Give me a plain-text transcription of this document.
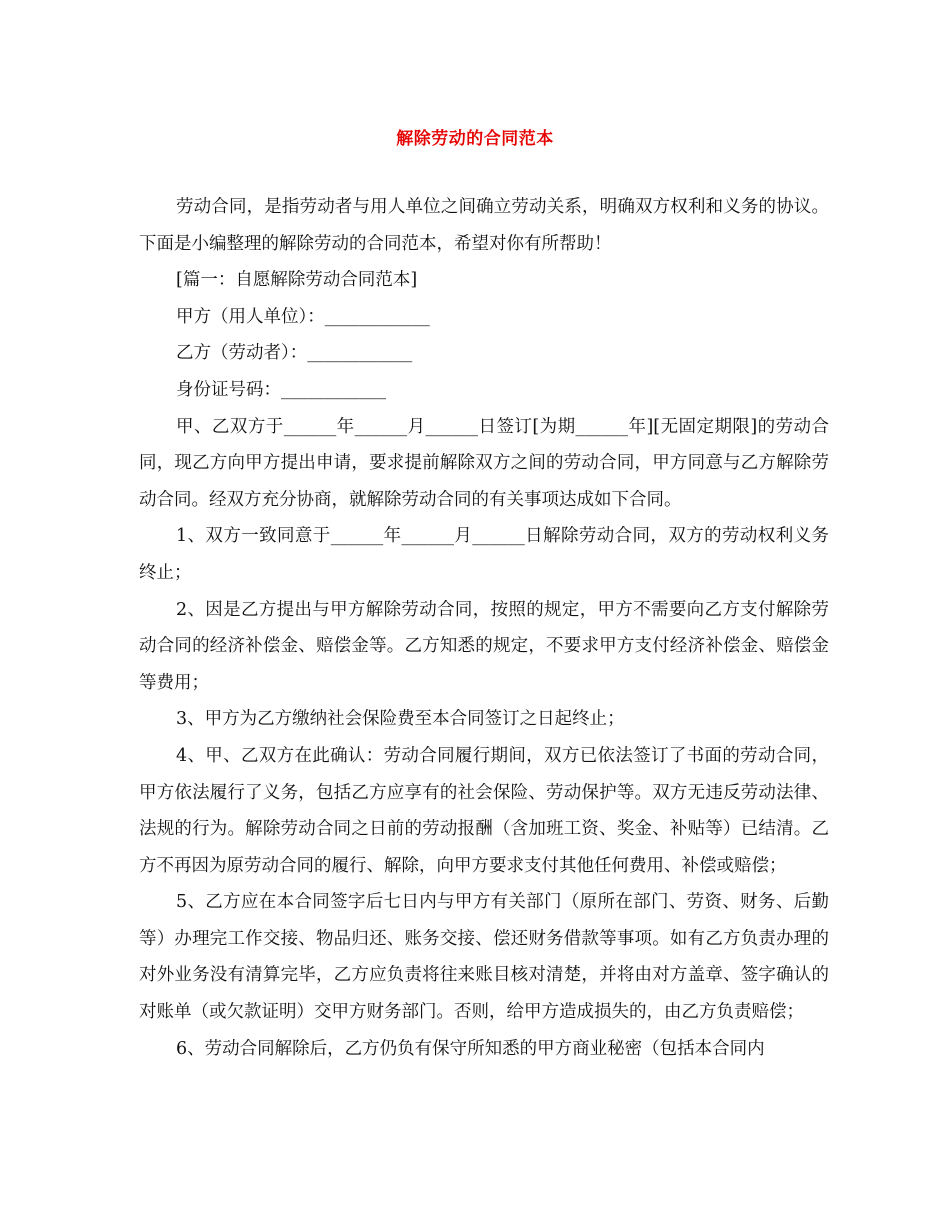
解除劳动的合同范本

劳动合同，是指劳动者与用人单位之间确立劳动关系，明确双方权利和义务的协议。下面是小编整理的解除劳动的合同范本，希望对你有所帮助！

[篇一：自愿解除劳动合同范本]

甲方（用人单位）：____________

乙方（劳动者）：____________

身份证号码：____________

甲、乙双方于______年______月______日签订[为期______年][无固定期限]的劳动合同，现乙方向甲方提出申请，要求提前解除双方之间的劳动合同，甲方同意与乙方解除劳动合同。经双方充分协商，就解除劳动合同的有关事项达成如下合同。

1、双方一致同意于______年______月______日解除劳动合同，双方的劳动权利义务终止；

2、因是乙方提出与甲方解除劳动合同，按照的规定，甲方不需要向乙方支付解除劳动合同的经济补偿金、赔偿金等。乙方知悉的规定，不要求甲方支付经济补偿金、赔偿金等费用；

3、甲方为乙方缴纳社会保险费至本合同签订之日起终止；

4、甲、乙双方在此确认：劳动合同履行期间，双方已依法签订了书面的劳动合同，甲方依法履行了义务，包括乙方应享有的社会保险、劳动保护等。双方无违反劳动法律、法规的行为。解除劳动合同之日前的劳动报酬（含加班工资、奖金、补贴等）已结清。乙方不再因为原劳动合同的履行、解除，向甲方要求支付其他任何费用、补偿或赔偿；

5、乙方应在本合同签字后七日内与甲方有关部门（原所在部门、劳资、财务、后勤等）办理完工作交接、物品归还、账务交接、偿还财务借款等事项。如有乙方负责办理的对外业务没有清算完毕，乙方应负责将往来账目核对清楚，并将由对方盖章、签字确认的对账单（或欠款证明）交甲方财务部门。否则，给甲方造成损失的，由乙方负责赔偿；

6、劳动合同解除后，乙方仍负有保守所知悉的甲方商业秘密（包括本合同内
